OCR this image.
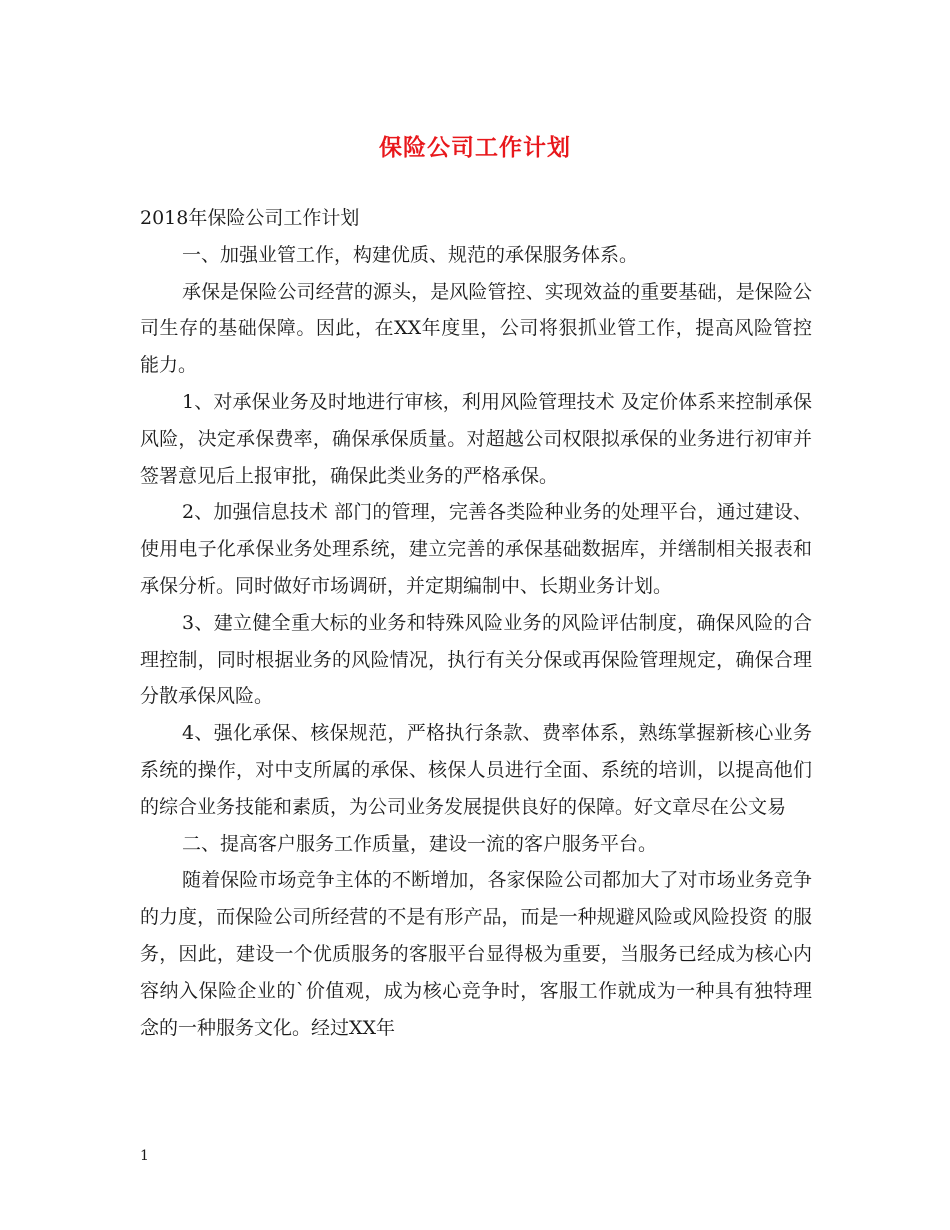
保险公司工作计划

2018年保险公司工作计划

一、加强业管工作，构建优质、规范的承保服务体系。

承保是保险公司经营的源头，是风险管控、实现效益的重要基础，是保险公司生存的基础保障。因此，在XX年度里，公司将狠抓业管工作，提高风险管控能力。

1、对承保业务及时地进行审核，利用风险管理技术 及定价体系来控制承保风险，决定承保费率，确保承保质量。对超越公司权限拟承保的业务进行初审并签署意见后上报审批，确保此类业务的严格承保。

2、加强信息技术 部门的管理，完善各类险种业务的处理平台，通过建设、使用电子化承保业务处理系统，建立完善的承保基础数据库，并缮制相关报表和承保分析。同时做好市场调研，并定期编制中、长期业务计划。

3、建立健全重大标的业务和特殊风险业务的风险评估制度，确保风险的合理控制，同时根据业务的风险情况，执行有关分保或再保险管理规定，确保合理分散承保风险。

4、强化承保、核保规范，严格执行条款、费率体系，熟练掌握新核心业务系统的操作，对中支所属的承保、核保人员进行全面、系统的培训，以提高他们的综合业务技能和素质，为公司业务发展提供良好的保障。好文章尽在公文易

二、提高客户服务工作质量，建设一流的客户服务平台。

随着保险市场竞争主体的不断增加，各家保险公司都加大了对市场业务竞争的力度，而保险公司所经营的不是有形产品，而是一种规避风险或风险投资 的服务，因此，建设一个优质服务的客服平台显得极为重要，当服务已经成为核心内容纳入保险企业的`价值观，成为核心竞争时，客服工作就成为一种具有独特理念的一种服务文化。经过XX年

1
